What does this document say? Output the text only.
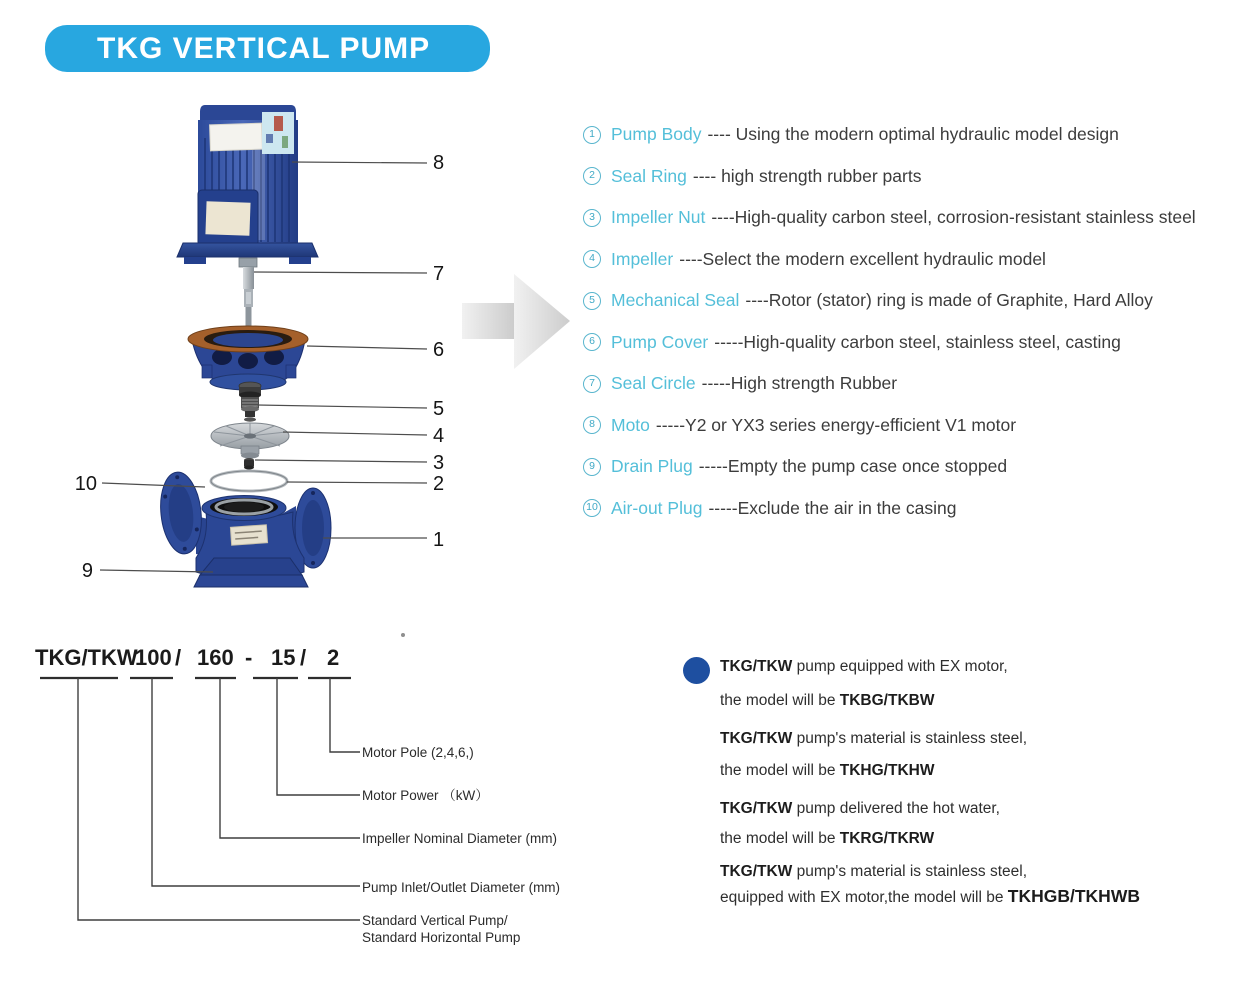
TKG VERTICAL PUMP
8
7
6
5
4
3
2
1
10
9
1 Pump Body ---- Using the modern optimal hydraulic model design
2 Seal Ring ---- high strength rubber parts
3 Impeller Nut ----High-quality carbon steel, corrosion-resistant stainless steel
4 Impeller ----Select the modern excellent hydraulic model
5 Mechanical Seal ----Rotor (stator) ring is made of Graphite, Hard Alloy
6 Pump Cover -----High-quality carbon steel, stainless steel, casting
7 Seal Circle -----High strength Rubber
8 Moto -----Y2 or YX3 series energy-efficient V1 motor
9 Drain Plug -----Empty the pump case once stopped
10 Air-out Plug -----Exclude the air in the casing
TKG/TKW
100 / 160 - 15 / 2
Motor Pole (2,4,6,)
Motor Power （kW）
Impeller Nominal Diameter (mm)
Pump Inlet/Outlet Diameter (mm)
Standard Vertical Pump/
Standard Horizontal Pump
TKG/TKW pump equipped with EX motor,
the model will be TKBG/TKBW
TKG/TKW pump's material is stainless steel,
the model will be TKHG/TKHW
TKG/TKW pump delivered the hot water,
the model will be TKRG/TKRW
TKG/TKW pump's material is stainless steel,
equipped with EX motor,the model will be TKHGB/TKHWB
